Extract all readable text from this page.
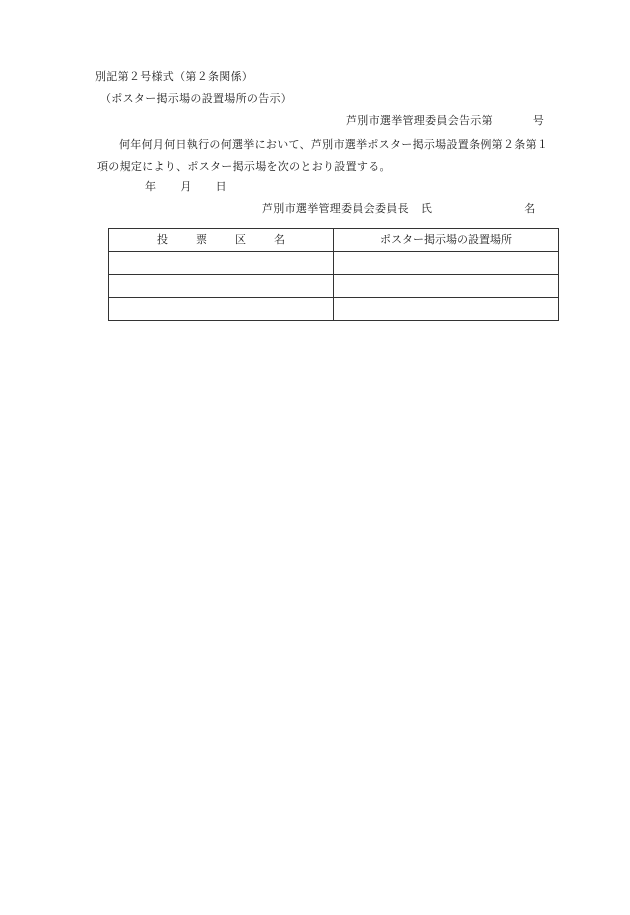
別記第２号様式（第２条関係）
（ポスター掲示場の設置場所の告示）
芦別市選挙管理委員会告示第	号
何年何月何日執行の何選挙において、芦別市選挙ポスター掲示場設置条例第２条第１項の規定により、ポスター掲示場を次のとおり設置する。
年 月 日
芦別市選挙管理委員会委員長 氏	名
投 票 区 名	ポスター掲示場の設置場所
